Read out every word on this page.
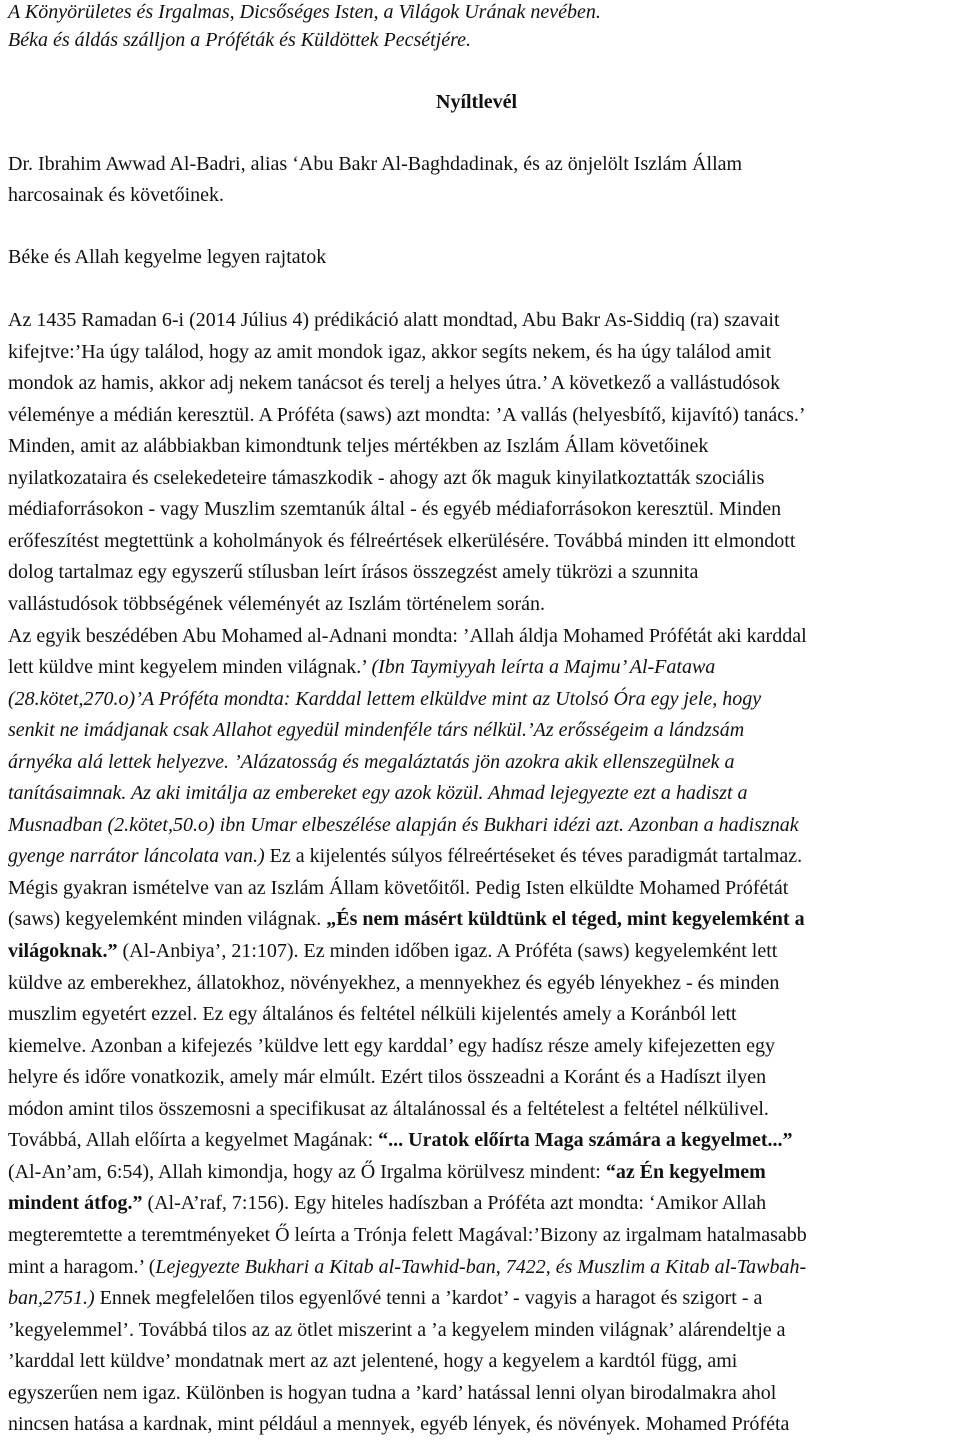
A Könyörületes és Irgalmas, Dicsőséges Isten, a Világok Urának nevében.
Béka és áldás szálljon a Próféták és Küldöttek Pecsétjére.
Nyíltlevél
Dr. Ibrahim Awwad Al-Badri, alias ‘Abu Bakr Al-Baghdadinak, és az önjelölt Iszlám Állam
harcosainak és követőinek.
Béke és Allah kegyelme legyen rajtatok
Az 1435 Ramadan 6-i (2014 Július 4) prédikáció alatt mondtad, Abu Bakr As-Siddiq (ra) szavait
kifejtve:’Ha úgy találod, hogy az amit mondok igaz, akkor segíts nekem, és ha úgy találod amit
mondok az hamis, akkor adj nekem tanácsot és terelj a helyes útra.’ A következő a vallástudósok
véleménye a médián keresztül. A Próféta (saws) azt mondta: ’A vallás (helyesbítő, kijavító) tanács.’
Minden, amit az alábbiakban kimondtunk teljes mértékben az Iszlám Állam követőinek
nyilatkozataira és cselekedeteire támaszkodik - ahogy azt ők maguk kinyilatkoztatták szociális
médiaforrásokon - vagy Muszlim szemtanúk által - és egyéb médiaforrásokon keresztül. Minden
erőfeszítést megtettünk a koholmányok és félreértések elkerülésére. Továbbá minden itt elmondott
dolog tartalmaz egy egyszerű stílusban leírt írásos összegzést amely tükrözi a szunnita
vallástudósok többségének véleményét az Iszlám történelem során.
Az egyik beszédében Abu Mohamed al-Adnani mondta: ’Allah áldja Mohamed Prófétát aki karddal
lett küldve mint kegyelem minden világnak.’ (Ibn Taymiyyah leírta a Majmu’ Al-Fatawa
(28.kötet,270.o)’A Próféta mondta: Karddal lettem elküldve mint az Utolsó Óra egy jele, hogy
senkit ne imádjanak csak Allahot egyedül mindenféle társ nélkül.’Az erősségeim a lándzsám
árnyéka alá lettek helyezve. ’Alázatosság és megaláztatás jön azokra akik ellenszegülnek a
tanításaimnak. Az aki imitálja az embereket egy azok közül. Ahmad lejegyezte ezt a hadiszt a
Musnadban (2.kötet,50.o) ibn Umar elbeszélése alapján és Bukhari idézi azt. Azonban a hadisznak
gyenge narrátor láncolata van.) Ez a kijelentés súlyos félreértéseket és téves paradigmát tartalmaz.
Mégis gyakran ismételve van az Iszlám Állam követőitől. Pedig Isten elküldte Mohamed Prófétát
(saws) kegyelemként minden világnak. „És nem másért küldtünk el téged, mint kegyelemként a
világoknak.” (Al-Anbiya’, 21:107). Ez minden időben igaz. A Próféta (saws) kegyelemként lett
küldve az emberekhez, állatokhoz, növényekhez, a mennyekhez és egyéb lényekhez - és minden
muszlim egyetért ezzel. Ez egy általános és feltétel nélküli kijelentés amely a Koránból lett
kiemelve. Azonban a kifejezés ’küldve lett egy karddal’ egy hadísz része amely kifejezetten egy
helyre és időre vonatkozik, amely már elmúlt. Ezért tilos összeadni a Koránt és a Hadíszt ilyen
módon amint tilos összemosni a specifikusat az általánossal és a feltételest a feltétel nélkülivel.
Továbbá, Allah előírta a kegyelmet Magának: “... Uratok előírta Maga számára a kegyelmet...”
(Al-An’am, 6:54), Allah kimondja, hogy az Ő Irgalma körülvesz mindent: “az Én kegyelmem
mindent átfog.” (Al-A’raf, 7:156). Egy hiteles hadíszban a Próféta azt mondta: ‘Amikor Allah
megteremtette a teremtményeket Ő leírta a Trónja felett Magával:’Bizony az irgalmam hatalmasabb
mint a haragom.’ (Lejegyezte Bukhari a Kitab al-Tawhid-ban, 7422, és Muszlim a Kitab al-Tawbah-
ban,2751.) Ennek megfelelően tilos egyenlővé tenni a ’kardot’ - vagyis a haragot és szigort - a
’kegyelemmel’. Továbbá tilos az az ötlet miszerint a ’a kegyelem minden világnak’ alárendeltje a
’karddal lett küldve’ mondatnak mert az azt jelentené, hogy a kegyelem a kardtól függ, ami
egyszerűen nem igaz. Különben is hogyan tudna a ’kard’ hatással lenni olyan birodalmakra ahol
nincsen hatása a kardnak, mint például a mennyek, egyéb lények, és növények. Mohamed Próféta
